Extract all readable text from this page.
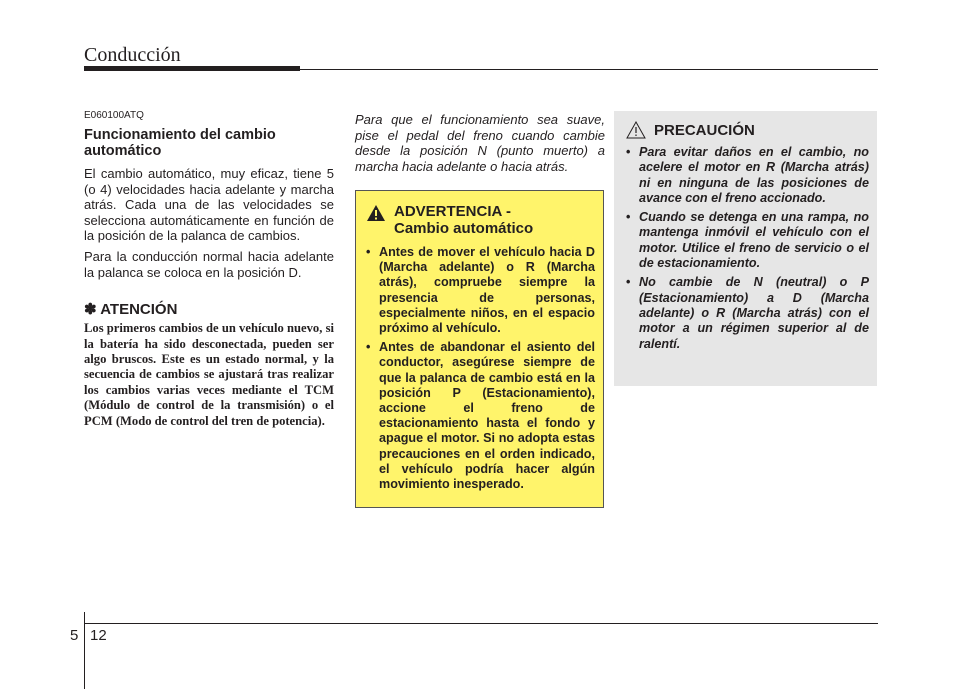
Conducción
E060100ATQ
Funcionamiento del cambio automático

El cambio automático, muy eficaz, tiene 5 (o 4) velocidades hacia adelante y marcha atrás. Cada una de las velocidades se selecciona automáticamente en función de la posición de la palanca de cambios.

Para la conducción normal hacia adelante la palanca se coloca en la posición D.

✽ ATENCIÓN

Los primeros cambios de un vehículo nuevo, si la batería ha sido desconectada, pueden ser algo bruscos. Este es un estado normal, y la secuencia de cambios se ajustará tras realizar los cambios varias veces mediante el TCM (Módulo de control de la transmisión) o el PCM (Modo de control del tren de potencia).

Para que el funcionamiento sea suave, pise el pedal del freno cuando cambie desde la posición N (punto muerto) a marcha hacia adelante o hacia atrás.

ADVERTENCIA -
Cambio automático
• Antes de mover el vehículo hacia D (Marcha adelante) o R (Marcha atrás), compruebe siempre la presencia de personas, especialmente niños, en el espacio próximo al vehículo.
• Antes de abandonar el asiento del conductor, asegúrese siempre de que la palanca de cambio está en la posición P (Estacionamiento), accione el freno de estacionamiento hasta el fondo y apague el motor. Si no adopta estas precauciones en el orden indicado, el vehículo podría hacer algún movimiento inesperado.
PRECAUCIÓN
• Para evitar daños en el cambio, no acelere el motor en R (Marcha atrás) ni en ninguna de las posiciones de avance con el freno accionado.
• Cuando se detenga en una rampa, no mantenga inmóvil el vehículo con el motor. Utilice el freno de servicio o el de estacionamiento.
• No cambie de N (neutral) o P (Estacionamiento) a D (Marcha adelante) o R (Marcha atrás) con el motor a un régimen superior al de ralentí.
5 12
